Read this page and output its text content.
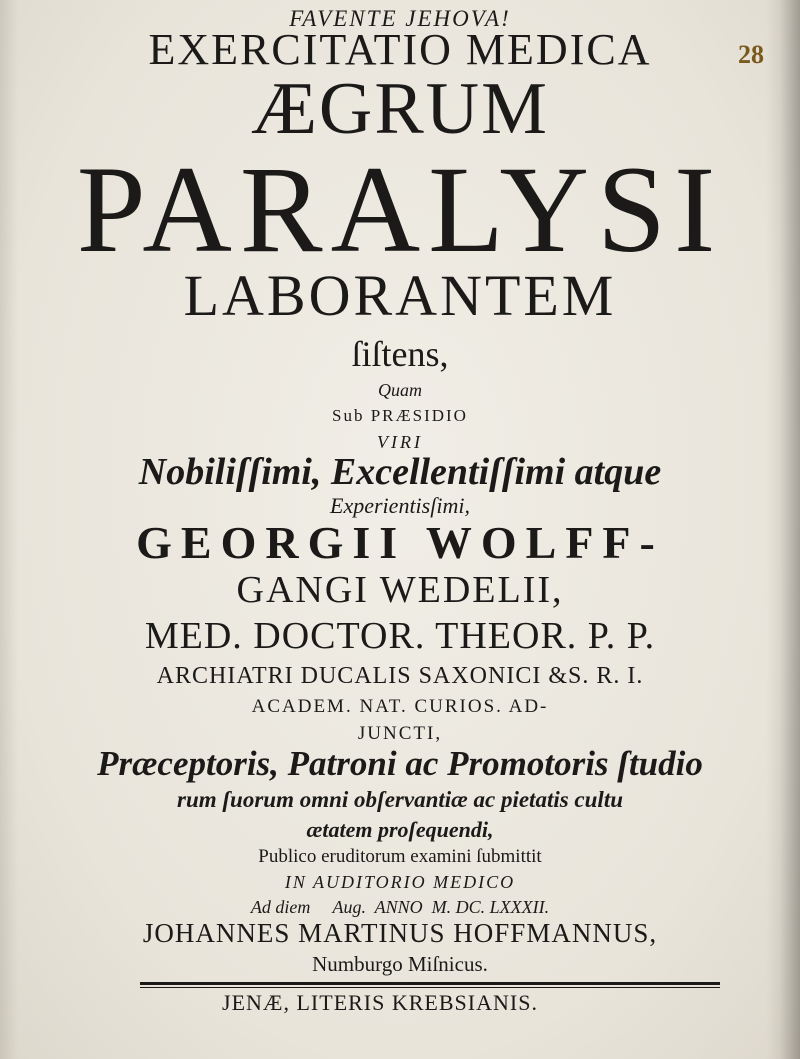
28
FAVENTE JEHOVA!
EXERCITATIO MEDICA
ÆGRUM
PARALYSI
LABORANTEM
ſiſtens,
Quam
Sub PRÆSIDIO
VIRI
Nobiliſſimi, Excellentiſſimi atque
Experientisſimi,
GEORGII WOLFF-
GANGI WEDELII,
MED. DOCTOR. THEOR. P. P.
ARCHIATRI DUCALIS SAXONICI &S. R. I.
ACADEM. NAT. CURIOS. AD-
JUNCTI,
Præceptoris, Patroni ac Promotoris ſtudio
rum ſuorum omni obſervantiæ ac pietatis cultu
ætatem proſequendi,
Publico eruditorum examini ſubmittit
IN AUDITORIO MEDICO
Ad diem     Aug.  ANNO  M. DC. LXXXII.
JOHANNES MARTINUS HOFFMANNUS,
Numburgo Miſnicus.
JENÆ, LITERIS KREBSIANIS.
